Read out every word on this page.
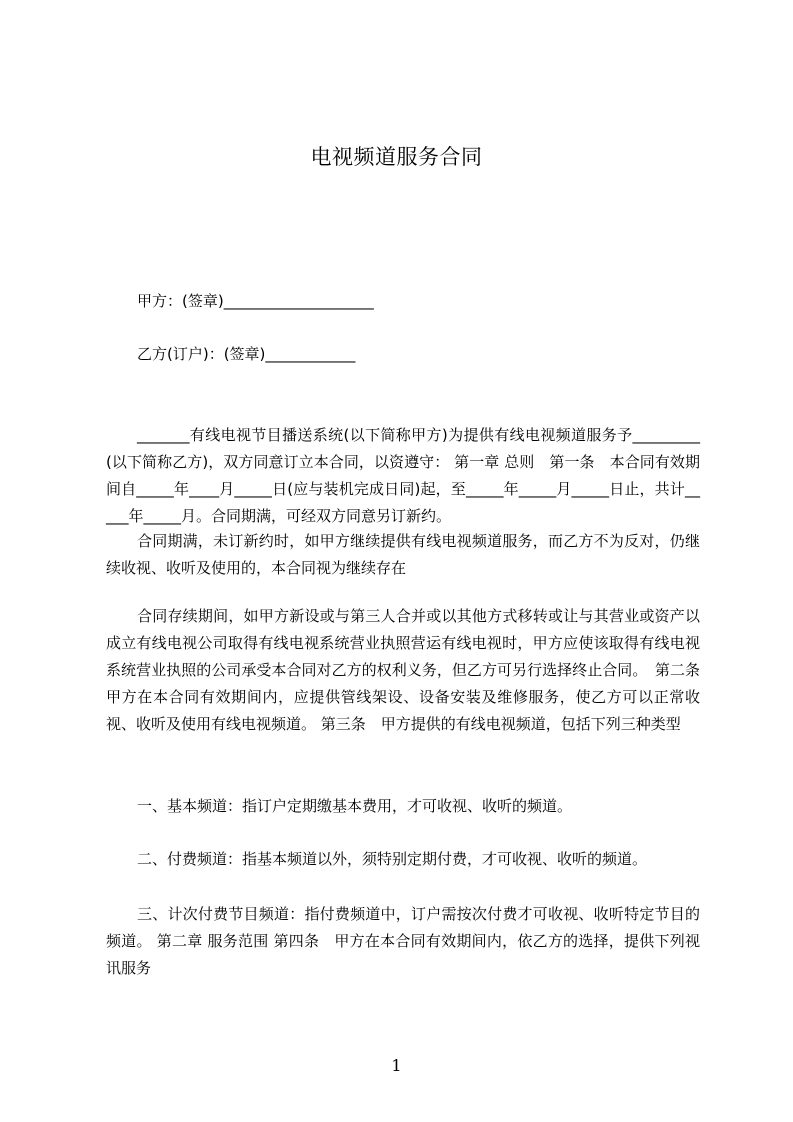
电视频道服务合同
甲方：(签章)____________________
乙方(订户)：(签章)____________

_______有线电视节目播送系统(以下简称甲方)为提供有线电视频道服务予_________(以下简称乙方)，双方同意订立本合同，以资遵守： 第一章 总则　第一条　本合同有效期间自_____年____月_____日(应与装机完成日同)起，至_____年_____月_____日止，共计_____年_____月。合同期满，可经双方同意另订新约。

合同期满，未订新约时，如甲方继续提供有线电视频道服务，而乙方不为反对，仍继续收视、收听及使用的，本合同视为继续存在

合同存续期间，如甲方新设或与第三人合并或以其他方式移转或让与其营业或资产以成立有线电视公司取得有线电视系统营业执照营运有线电视时，甲方应使该取得有线电视系统营业执照的公司承受本合同对乙方的权利义务，但乙方可另行选择终止合同。　第二条 甲方在本合同有效期间内，应提供管线架设、设备安装及维修服务，使乙方可以正常收视、收听及使用有线电视频道。 第三条　甲方提供的有线电视频道，包括下列三种类型

一、基本频道：指订户定期缴基本费用，才可收视、收听的频道。

二、付费频道：指基本频道以外，须特别定期付费，才可收视、收听的频道。

三、计次付费节目频道：指付费频道中，订户需按次付费才可收视、收听特定节目的频道。 第二章 服务范围 第四条　甲方在本合同有效期间内，依乙方的选择，提供下列视讯服务

1
